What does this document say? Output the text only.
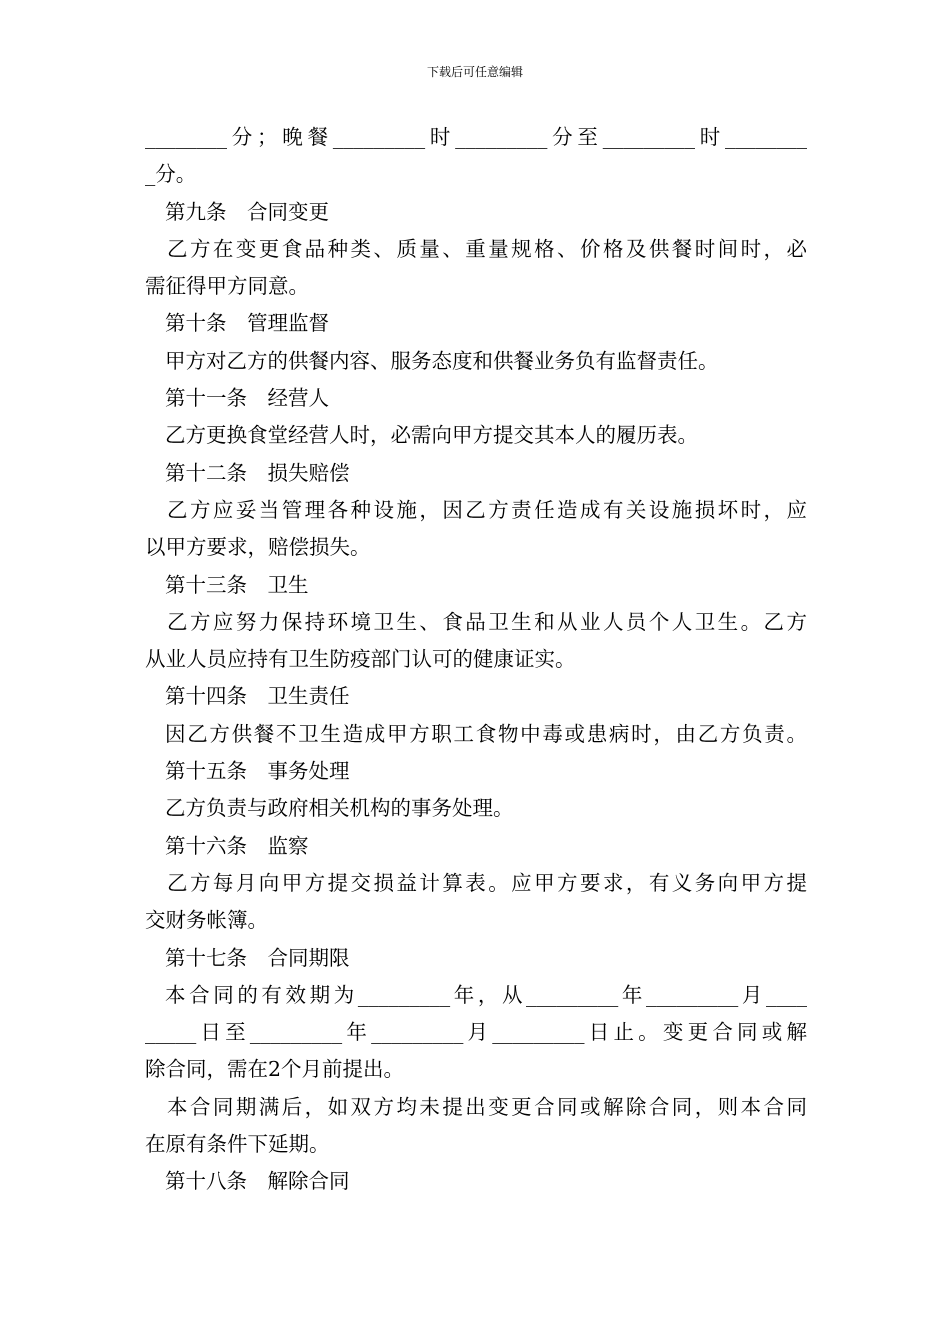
下载后可任意编辑
________分；晚餐_________时_________分至_________时________
_分。
第九条　合同变更
乙方在变更食品种类、质量、重量规格、价格及供餐时间时，必
需征得甲方同意。
第十条　管理监督
甲方对乙方的供餐内容、服务态度和供餐业务负有监督责任。
第十一条　经营人
乙方更换食堂经营人时，必需向甲方提交其本人的履历表。
第十二条　损失赔偿
乙方应妥当管理各种设施，因乙方责任造成有关设施损坏时，应
以甲方要求，赔偿损失。
第十三条　卫生
乙方应努力保持环境卫生、食品卫生和从业人员个人卫生。乙方
从业人员应持有卫生防疫部门认可的健康证实。
第十四条　卫生责任
因乙方供餐不卫生造成甲方职工食物中毒或患病时，由乙方负责。
第十五条　事务处理
乙方负责与政府相关机构的事务处理。
第十六条　监察
乙方每月向甲方提交损益计算表。应甲方要求，有义务向甲方提
交财务帐簿。
第十七条　合同期限
本合同的有效期为_________年，从_________年_________月____
_____日至_________年_________月_________日止。变更合同或解
除合同，需在2个月前提出。
本合同期满后，如双方均未提出变更合同或解除合同，则本合同
在原有条件下延期。
第十八条　解除合同
